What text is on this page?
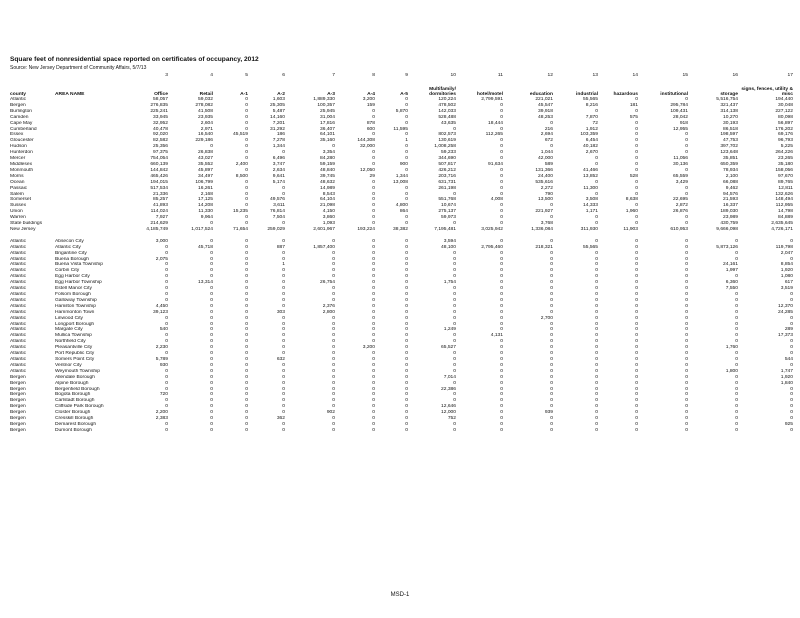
Square feet of nonresidential space reported on certificates of occupancy, 2012
Source: New Jersey Department of Community Affairs, 5/7/13
		3	4	5	6	7	8	9	10	11	12	13	14	15	16	17
county	AREA NAME	Office	Retail	A-1	A-2	A-3	A-4	A-5	Multifamily/ dormitories	hotel/motel	education	industrial	hazardous	institutional	storage	signs, fences, utility & misc
Atlantic		58,057	59,032	0	1,603	1,889,330	3,200	0	120,224	2,799,591	221,021	55,565	0	0	5,516,754	194,440
Bergen		276,835	278,082	0	25,305	100,357	159	0	478,502	0	45,547	8,216	181	295,784	321,437	30,048
Burlington		225,241	41,508	0	5,487	25,945	0	5,870	142,033	0	39,918	0	0	109,431	314,138	227,122
Camden		33,945	23,935	0	14,160	31,004	0	0	528,488	0	48,253	7,870	575	28,042	10,270	80,098
Cape May		32,952	2,604	0	7,201	17,816	878	0	43,635	18,444	0	72	0	918	30,193	56,897
Cumberland		40,478	2,971	0	31,292	36,407	600	11,595	0	0	216	1,912	0	12,955	86,518	176,202
Essex		92,020	16,540	45,519	186	64,101	0	0	802,573	112,265	2,694	103,359	0	0	198,597	69,176
Gloucester		82,582	229,186	0	7,278	35,160	144,308	1	130,619	0	672	6,454	0	0	47,753	96,793
Hudson		25,356	0	0	1,344	0	32,000	0	1,008,258	0	0	40,182	0	0	397,702	5,225
Hunterdon		97,375	26,838	0	0	3,354	0	0	59,233	0	1,044	2,670	0	0	123,648	264,226
Mercer		754,054	43,027	0	6,496	84,280	0	0	344,690	0	42,000	0	0	11,056	35,851	23,265
Middlesex		660,139	35,552	2,400	3,747	59,159	0	900	507,817	91,634	589	0	0	30,136	650,359	35,180
Monmouth		144,842	45,897	0	2,634	48,840	12,050	0	426,212	0	131,366	41,466	0	0	78,934	158,056
Morris		465,426	34,497	8,500	9,641	39,745	29	1,344	203,716	0	24,400	13,852	528	65,559	2,100	97,670
Ocean		194,015	106,799	0	5,174	48,632	0	13,008	631,731	0	535,616	0	0	3,429	66,088	89,765
Passaic		517,534	16,261	0	0	14,989	0	0	261,198	0	2,272	11,300	0	0	9,462	12,811
Salem		21,336	2,168	0	0	8,543	0	0	0	0	790	0	0	0	94,576	132,626
Somerset		85,257	17,125	0	49,576	64,104	0	0	551,768	4,008	13,500	3,508	8,638	22,695	21,593	148,494
Sussex		41,893	14,208	0	3,611	21,098	0	4,800	10,674	0	0	14,333	0	2,872	16,337	112,955
Union		114,024	11,330	15,235	76,814	4,150	0	864	275,137	0	221,927	1,171	1,960	26,876	189,030	14,798
Warren		7,927	9,964	0	7,504	3,860	0	0	59,973	0	0	0	0	0	23,989	84,889
State buildings		214,629	0	0	0	1,093	0	0	0	0	3,768	0	0	0	430,759	2,635,645
New Jersey		4,185,749	1,017,524	71,654	259,029	2,601,967	193,224	38,382	7,195,481	3,025,942	1,336,084	311,930	11,903	610,953	9,666,098	4,726,171

Atlantic	Absecon City	3,000	0	0	0	0	0	0	3,594	0	0	0	0	0	0	0
Atlantic	Atlantic City	0	45,718	0	887	1,857,400	0	0	48,100	2,795,460	218,321	55,565	0	0	5,873,126	119,798
Atlantic	Brigantine City	0	0	0	0	0	0	0	0	0	0	0	0	0	0	2,047
Atlantic	Buena Borough	2,075	0	0	0	0	0	0	0	0	0	0	0	0	0	0
Atlantic	Buena Vista Township	0	0	0	1	0	0	0	0	0	0	0	0	0	24,161	8,854
Atlantic	Corbin City	0	0	0	0	0	0	0	0	0	0	0	0	0	1,997	1,920
Atlantic	Egg Harbor City	0	0	0	0	0	0	0	0	0	0	0	0	0	0	1,080
Atlantic	Egg Harbor Township	0	13,314	0	0	26,754	0	0	1,754	0	0	0	0	0	6,360	617
Atlantic	Estell Manor City	0	0	0	0	0	0	0	0	0	0	0	0	0	7,550	3,519
Atlantic	Folsom Borough	0	0	0	0	0	0	0	0	0	0	0	0	0	0	0
Atlantic	Galloway Township	0	0	0	0	0	0	0	0	0	0	0	0	0	0	0
Atlantic	Hamilton Township	4,450	0	0	0	2,376	0	0	0	0	0	0	0	0	0	12,370
Atlantic	Hammonton Town	39,123	0	0	303	2,800	0	0	0	0	0	0	0	0	0	24,285
Atlantic	Linwood City	0	0	0	0	0	0	0	0	0	2,700	0	0	0	0	0
Atlantic	Longport Borough	0	0	0	0	0	0	0	0	0	0	0	0	0	0	0
Atlantic	Margate City	540	0	0	0	0	0	0	1,249	0	0	0	0	0	0	289
Atlantic	Mullica Township	0	0	0	0	0	0	0	0	4,131	0	0	0	0	0	17,373
Atlantic	Northfield City	0	0	0	0	0	0	0	0	0	0	0	0	0	0	0
Atlantic	Pleasantville City	2,230	0	0	0	0	3,200	0	65,527	0	0	0	0	0	1,760	0
Atlantic	Port Republic City	0	0	0	0	0	0	0	0	0	0	0	0	0	0	0
Atlantic	Somers Point City	5,789	0	0	632	0	0	0	0	0	0	0	0	0	0	544
Atlantic	Ventnor City	930	0	0	0	0	0	0	0	0	0	0	0	0	0	0
Atlantic	Weymouth Township	0	0	0	0	0	0	0	0	0	0	0	0	0	1,800	1,747
Bergen	Allendale Borough	0	0	0	0	0	0	0	7,014	0	0	0	0	0	0	1,920
Bergen	Alpine Borough	0	0	0	0	0	0	0	0	0	0	0	0	0	0	1,840
Bergen	Bergenfield Borough	0	0	0	0	0	0	0	22,386	0	0	0	0	0	0	0
Bergen	Bogota Borough	720	0	0	0	0	0	0	0	0	0	0	0	0	0	0
Bergen	Carlstadt Borough	0	0	0	0	0	0	0	0	0	0	0	0	0	0	0
Bergen	Cliffside Park Borough	0	0	0	0	0	0	0	12,646	0	0	0	0	0	0	0
Bergen	Closter Borough	2,200	0	0	0	902	0	0	12,000	0	939	0	0	0	0	0
Bergen	Cresskill Borough	2,383	0	0	362	0	0	0	752	0	0	0	0	0	0	0
Bergen	Demarest Borough	0	0	0	0	0	0	0	0	0	0	0	0	0	0	925
Bergen	Dumont Borough	0	0	0	0	0	0	0	0	0	0	0	0	0	0	0
MSD-1
